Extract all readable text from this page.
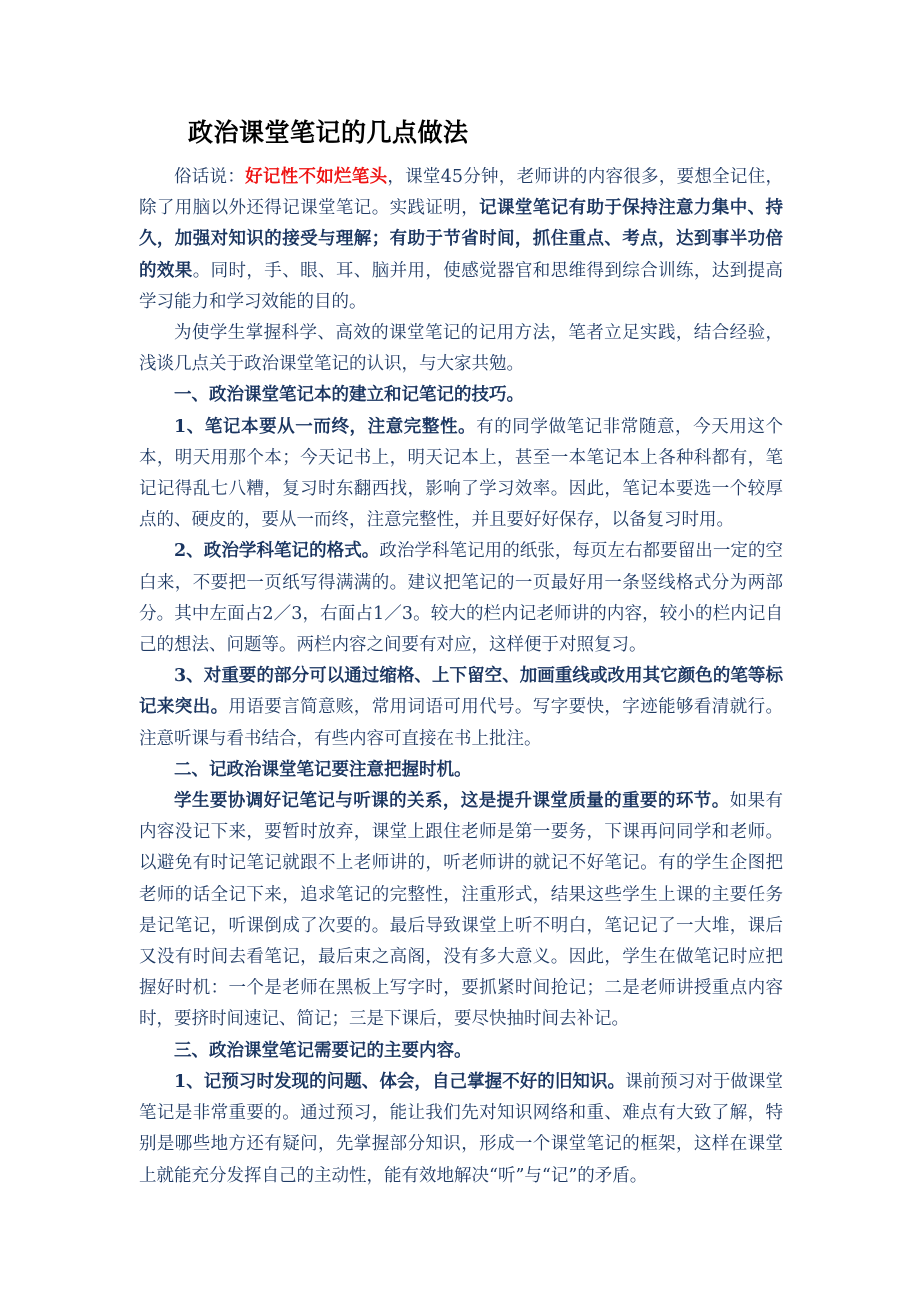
政治课堂笔记的几点做法

俗话说：好记性不如烂笔头，课堂45分钟，老师讲的内容很多，要想全记住，除了用脑以外还得记课堂笔记。实践证明，记课堂笔记有助于保持注意力集中、持久，加强对知识的接受与理解；有助于节省时间，抓住重点、考点，达到事半功倍的效果。同时，手、眼、耳、脑并用，使感觉器官和思维得到综合训练，达到提高学习能力和学习效能的目的。

为使学生掌握科学、高效的课堂笔记的记用方法，笔者立足实践，结合经验，浅谈几点关于政治课堂笔记的认识，与大家共勉。

一、政治课堂笔记本的建立和记笔记的技巧。

1、笔记本要从一而终，注意完整性。有的同学做笔记非常随意，今天用这个本，明天用那个本；今天记书上，明天记本上，甚至一本笔记本上各种科都有，笔记记得乱七八糟，复习时东翻西找，影响了学习效率。因此，笔记本要选一个较厚点的、硬皮的，要从一而终，注意完整性，并且要好好保存，以备复习时用。

2、政治学科笔记的格式。政治学科笔记用的纸张，每页左右都要留出一定的空白来，不要把一页纸写得满满的。建议把笔记的一页最好用一条竖线格式分为两部分。其中左面占2／3，右面占1／3。较大的栏内记老师讲的内容，较小的栏内记自己的想法、问题等。两栏内容之间要有对应，这样便于对照复习。

3、对重要的部分可以通过缩格、上下留空、加画重线或改用其它颜色的笔等标记来突出。用语要言简意赅，常用词语可用代号。写字要快，字迹能够看清就行。注意听课与看书结合，有些内容可直接在书上批注。

二、记政治课堂笔记要注意把握时机。

学生要协调好记笔记与听课的关系，这是提升课堂质量的重要的环节。如果有内容没记下来，要暂时放弃，课堂上跟住老师是第一要务，下课再问同学和老师。以避免有时记笔记就跟不上老师讲的，听老师讲的就记不好笔记。有的学生企图把老师的话全记下来，追求笔记的完整性，注重形式，结果这些学生上课的主要任务是记笔记，听课倒成了次要的。最后导致课堂上听不明白，笔记记了一大堆，课后又没有时间去看笔记，最后束之高阁，没有多大意义。因此，学生在做笔记时应把握好时机：一个是老师在黑板上写字时，要抓紧时间抢记；二是老师讲授重点内容时，要挤时间速记、简记；三是下课后，要尽快抽时间去补记。

三、政治课堂笔记需要记的主要内容。

1、记预习时发现的问题、体会，自己掌握不好的旧知识。课前预习对于做课堂笔记是非常重要的。通过预习，能让我们先对知识网络和重、难点有大致了解，特别是哪些地方还有疑问，先掌握部分知识，形成一个课堂笔记的框架，这样在课堂上就能充分发挥自己的主动性，能有效地解决“听”与“记”的矛盾。
